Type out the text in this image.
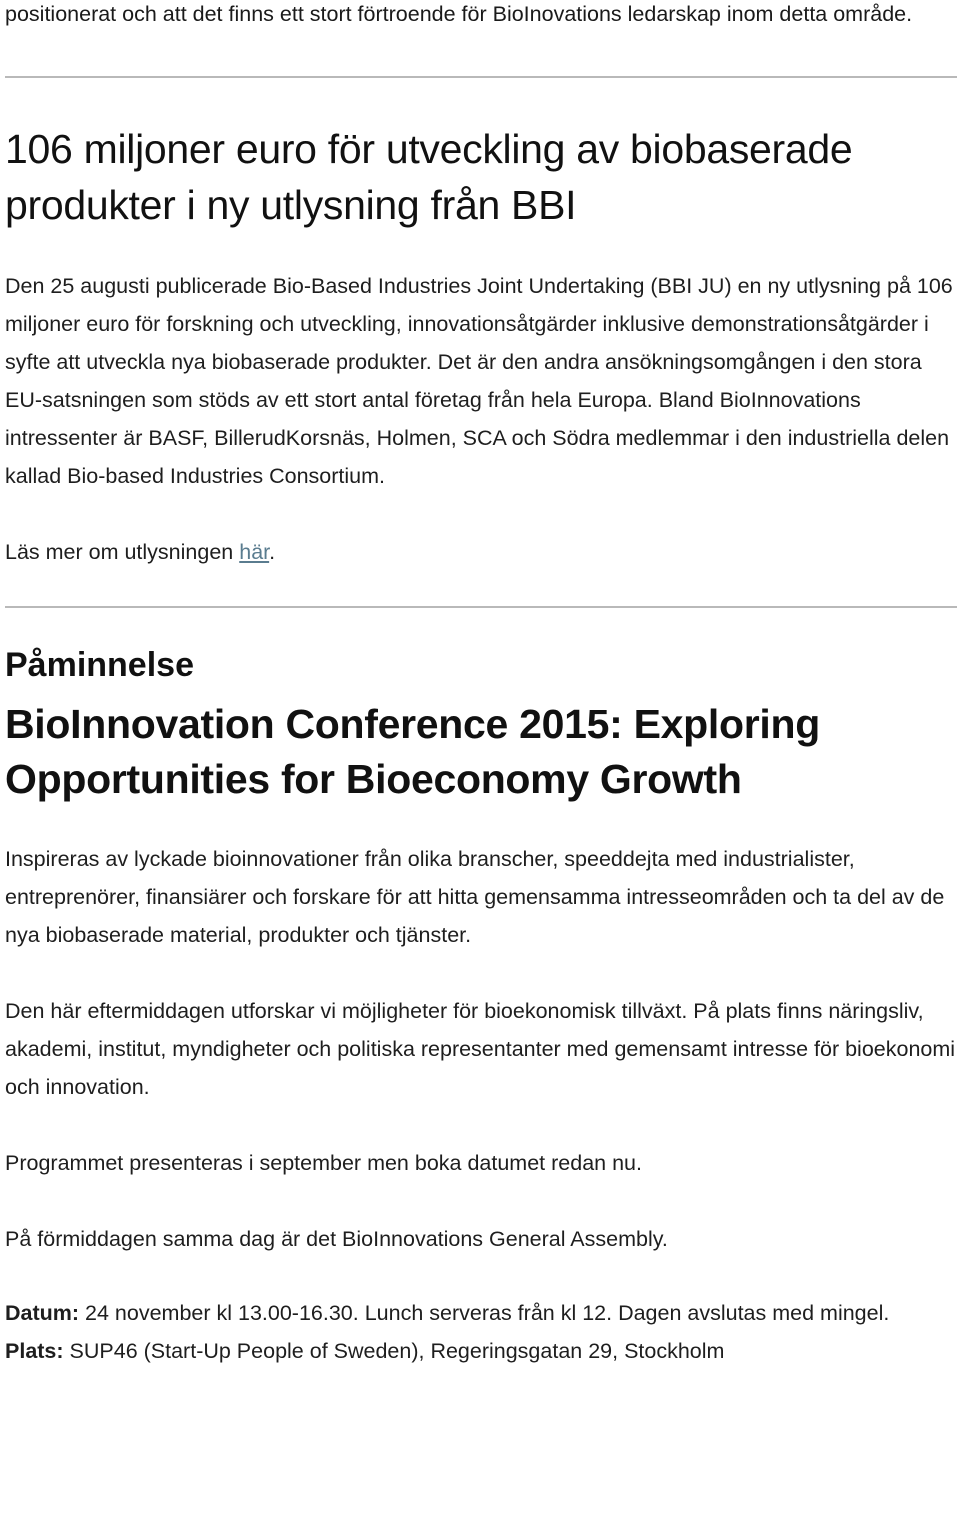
positionerat och att det finns ett stort förtroende för BioInovations ledarskap inom detta område.

106 miljoner euro för utveckling av biobaserade produkter i ny utlysning från BBI

Den 25 augusti publicerade Bio-Based Industries Joint Undertaking (BBI JU) en ny utlysning på 106 miljoner euro för forskning och utveckling, innovationsåtgärder inklusive demonstrationsåtgärder i syfte att utveckla nya biobaserade produkter. Det är den andra ansökningsomgången i den stora EU-satsningen som stöds av ett stort antal företag från hela Europa. Bland BioInnovations intressenter är BASF, BillerudKorsnäs, Holmen, SCA och Södra medlemmar i den industriella delen kallad Bio-based Industries Consortium.

Läs mer om utlysningen här.

Påminnelse
BioInnovation Conference 2015: Exploring Opportunities for Bioeconomy Growth

Inspireras av lyckade bioinnovationer från olika branscher, speeddejta med industrialister, entreprenörer, finansiärer och forskare för att hitta gemensamma intresseområden och ta del av de nya biobaserade material, produkter och tjänster.

Den här eftermiddagen utforskar vi möjligheter för bioekonomisk tillväxt. På plats finns näringsliv, akademi, institut, myndigheter och politiska representanter med gemensamt intresse för bioekonomi och innovation.

Programmet presenteras i september men boka datumet redan nu.

På förmiddagen samma dag är det BioInnovations General Assembly.

Datum: 24 november kl 13.00-16.30. Lunch serveras från kl 12. Dagen avslutas med mingel.

Plats: SUP46 (Start-Up People of Sweden), Regeringsgatan 29, Stockholm
